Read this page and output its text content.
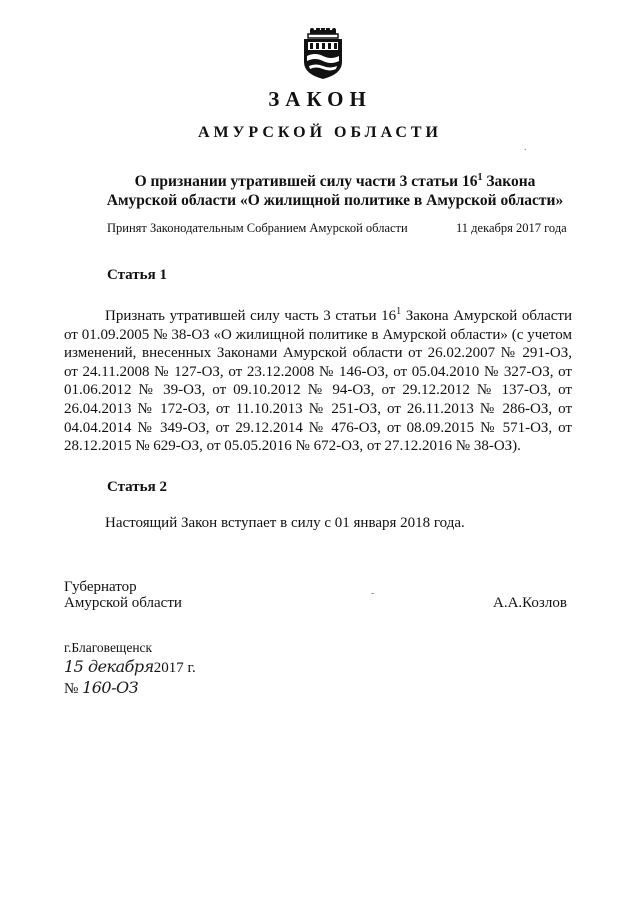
ЗАКОН
АМУРСКОЙ ОБЛАСТИ
О признании утратившей силу части 3 статьи $16^1$ Закона
Амурской области «О жилищной политике в Амурской области»
Принят Законодательным Собранием Амурской области	11 декабря 2017 года
Статья 1

Признать утратившей силу часть 3 статьи $16^1$ Закона Амурской области от 01.09.2005 № 38-ОЗ «О жилищной политике в Амурской области» (с учетом изменений, внесенных Законами Амурской области от 26.02.2007 № 291-ОЗ, от 24.11.2008 № 127-ОЗ, от 23.12.2008 № 146-ОЗ, от 05.04.2010 № 327-ОЗ, от 01.06.2012 № 39-ОЗ, от 09.10.2012 № 94-ОЗ, от 29.12.2012 № 137-ОЗ, от 26.04.2013 № 172-ОЗ, от 11.10.2013 № 251-ОЗ, от 26.11.2013 № 286-ОЗ, от 04.04.2014 № 349-ОЗ, от 29.12.2014 № 476-ОЗ, от 08.09.2015 № 571-ОЗ, от 28.12.2015 № 629-ОЗ, от 05.05.2016 № 672-ОЗ, от 27.12.2016 № 38-ОЗ).

Статья 2

Настоящий Закон вступает в силу с 01 января 2018 года.

Губернатор
Амурской области	А.А.Козлов
г.Благовещенск
15 декабря2017 г.
№ 160-ОЗ
.
-
